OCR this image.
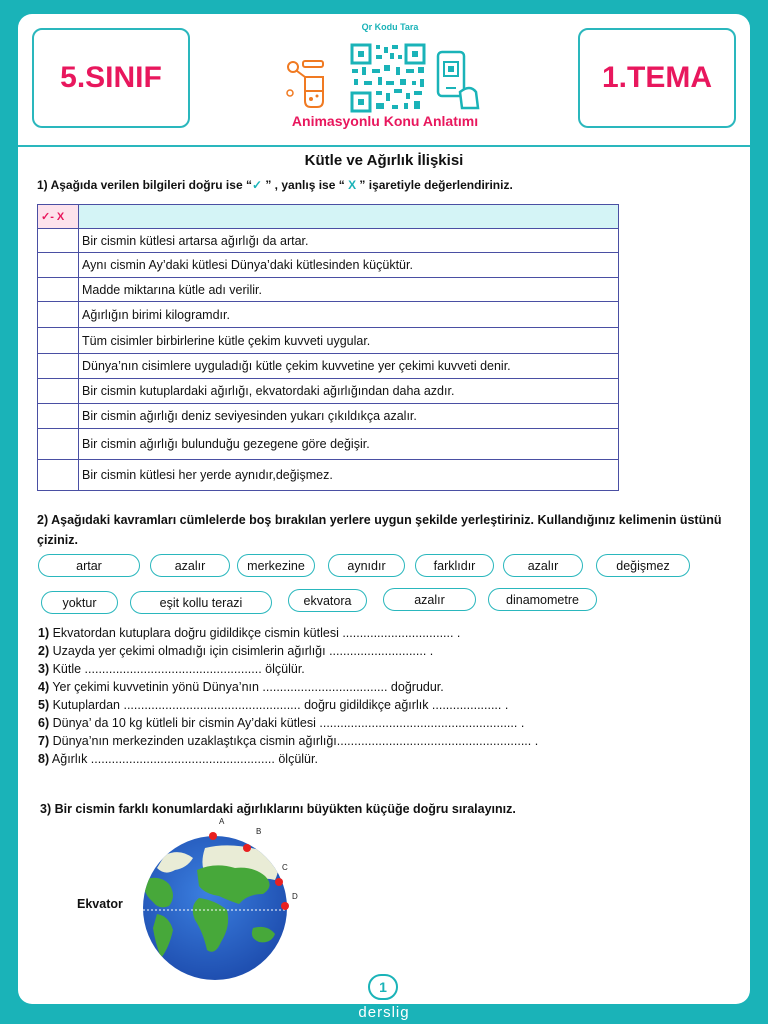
5.SINIF	1.TEMA
Qr Kodu Tara
Animasyonlu Konu Anlatımı
Kütle ve Ağırlık İlişkisi
1) Aşağıda verilen bilgileri doğru ise “✓ ” , yanlış ise “ X ” işaretiyle değerlendiriniz.
✓- X	
	Bir cismin kütlesi artarsa ağırlığı da artar.
	Aynı cismin Ay’daki kütlesi Dünya’daki kütlesinden küçüktür.
	Madde miktarına kütle adı verilir.
	Ağırlığın birimi kilogramdır.
	Tüm cisimler birbirlerine kütle çekim kuvveti uygular.
	Dünya’nın cisimlere uyguladığı kütle çekim kuvvetine yer çekimi kuvveti denir.
	Bir cismin kutuplardaki ağırlığı, ekvatordaki ağırlığından daha azdır.
	Bir cismin ağırlığı deniz seviyesinden yukarı çıkıldıkça azalır.
	Bir cismin ağırlığı bulunduğu gezegene göre değişir.
	Bir cismin kütlesi her yerde aynıdır,değişmez.
2) Aşağıdaki kavramları cümlelerde boş bırakılan yerlere uygun şekilde yerleştiriniz. Kullandığınız kelimenin üstünü çiziniz.
artar	azalır	merkezine	aynıdır	farklıdır	azalır	değişmez
yoktur	eşit kollu terazi	ekvatora	azalır	dinamometre
1) Ekvatordan kutuplara doğru gidildikçe cismin kütlesi ................................ .
2) Uzayda yer çekimi olmadığı için cisimlerin ağırlığı ............................ .
3) Kütle ................................................... ölçülür.
4) Yer çekimi kuvvetinin yönü Dünya’nın .................................... doğrudur.
5) Kutuplardan ................................................... doğru gidildikçe ağırlık .................... .
6) Dünya’ da 10 kg kütleli bir cismin Ay’daki kütlesi ......................................................... .
7) Dünya’nın merkezinden uzaklaştıkça cismin ağırlığı........................................................ .
8) Ağırlık ..................................................... ölçülür.
3) Bir cismin farklı konumlardaki ağırlıklarını büyükten küçüğe doğru sıralayınız.
Ekvator
A
B
C
D
1
derslig
